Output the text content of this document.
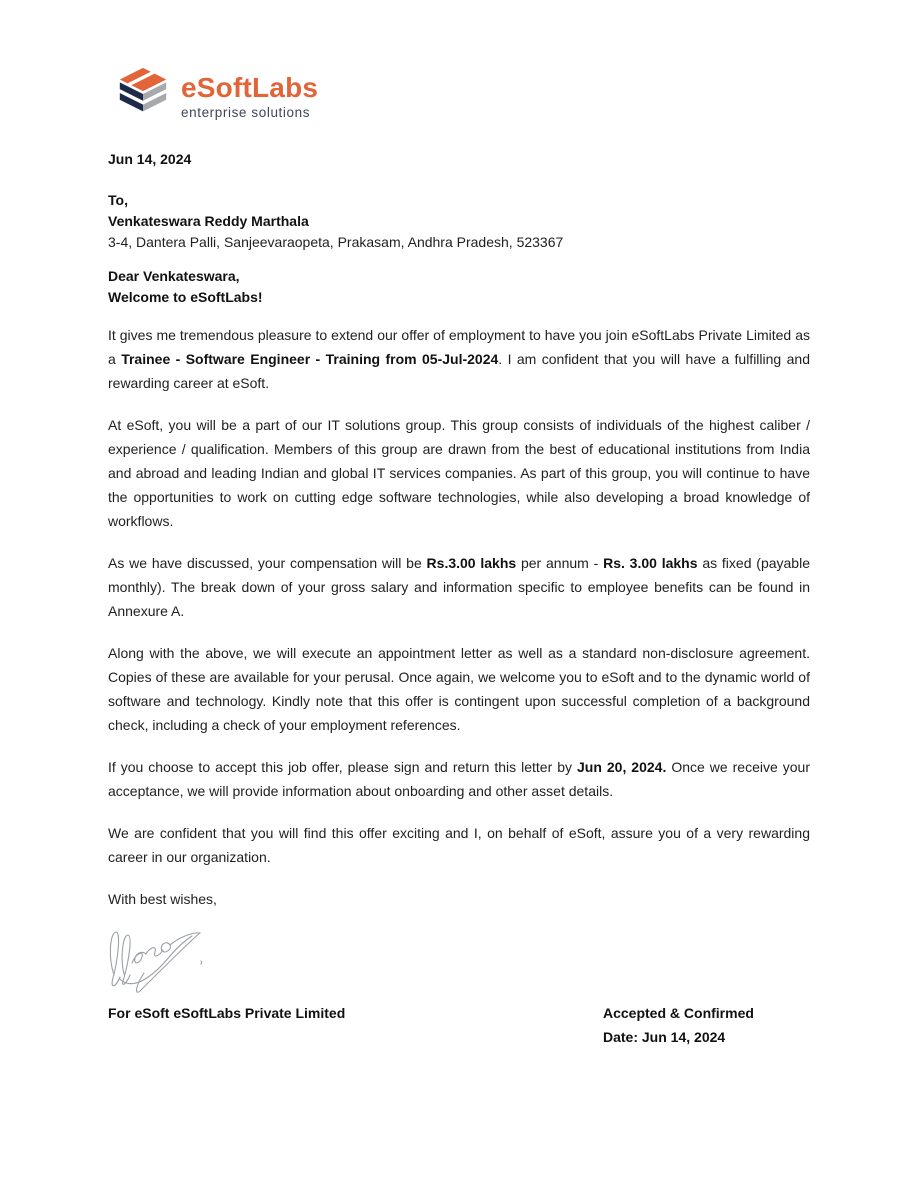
eSoftLabs
enterprise solutions
Jun 14, 2024
To,
Venkateswara Reddy Marthala
3-4, Dantera Palli, Sanjeevaraopeta, Prakasam, Andhra Pradesh, 523367
Dear Venkateswara,
Welcome to eSoftLabs!

It gives me tremendous pleasure to extend our offer of employment to have you join eSoftLabs Private Limited as a Trainee - Software Engineer - Training from 05-Jul-2024. I am confident that you will have a fulfilling and rewarding career at eSoft.

At eSoft, you will be a part of our IT solutions group. This group consists of individuals of the highest caliber / experience / qualification. Members of this group are drawn from the best of educational institutions from India and abroad and leading Indian and global IT services companies. As part of this group, you will continue to have the opportunities to work on cutting edge software technologies, while also developing a broad knowledge of workflows.

As we have discussed, your compensation will be Rs.3.00 lakhs per annum - Rs. 3.00 lakhs as fixed (payable monthly). The break down of your gross salary and information specific to employee benefits can be found in Annexure A.

Along with the above, we will execute an appointment letter as well as a standard non-disclosure agreement. Copies of these are available for your perusal. Once again, we welcome you to eSoft and to the dynamic world of software and technology. Kindly note that this offer is contingent upon successful completion of a background check, including a check of your employment references.

If you choose to accept this job offer, please sign and return this letter by Jun 20, 2024. Once we receive your acceptance, we will provide information about onboarding and other asset details.

We are confident that you will find this offer exciting and I, on behalf of eSoft, assure you of a very rewarding career in our organization.

With best wishes,
For eSoft eSoftLabs Private Limited	Accepted & Confirmed
Date: Jun 14, 2024
